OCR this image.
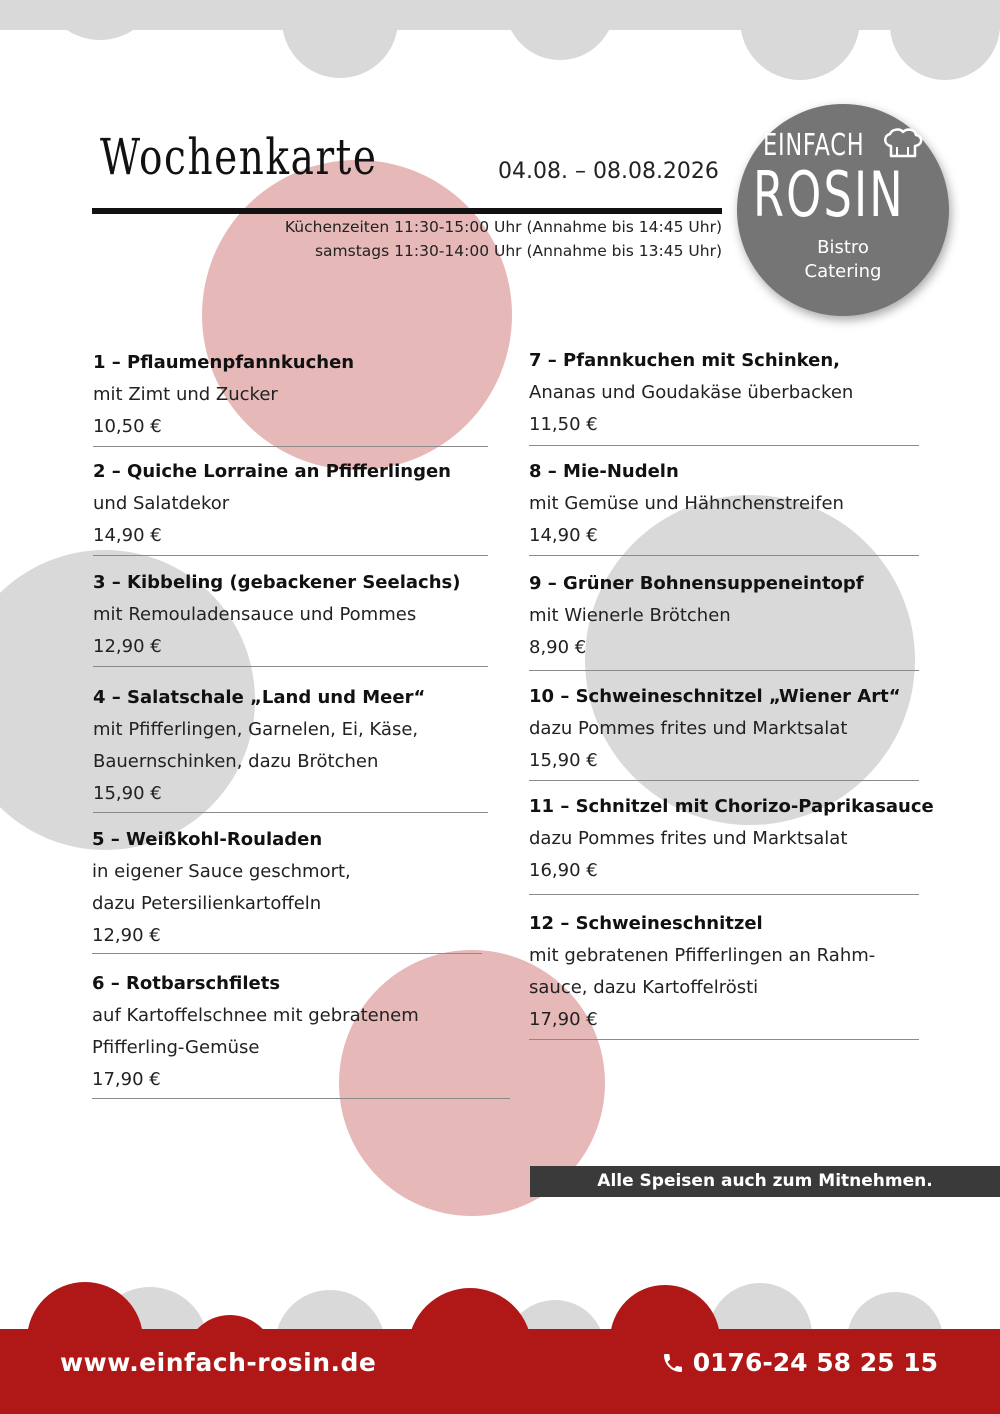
Wochenkarte	04.08. – 08.08.2026
Küchenzeiten 11:30-15:00 Uhr (Annahme bis 14:45 Uhr)
samstags 11:30-14:00 Uhr (Annahme bis 13:45 Uhr)
EINFACH
ROSIN
Bistro
Catering
1 – Pflaumenpfannkuchen
mit Zimt und Zucker
10,50 €
2 – Quiche Lorraine an Pfifferlingen
und Salatdekor
14,90 €
3 – Kibbeling (gebackener Seelachs)
mit Remouladensauce und Pommes
12,90 €
4 – Salatschale „Land und Meer“
mit Pfifferlingen, Garnelen, Ei, Käse,
Bauernschinken, dazu Brötchen
15,90 €
5 – Weißkohl-Rouladen
in eigener Sauce geschmort,
dazu Petersilienkartoffeln
12,90 €
6 – Rotbarschfilets
auf Kartoffelschnee mit gebratenem
Pfifferling-Gemüse
17,90 €
7 – Pfannkuchen mit Schinken,
Ananas und Goudakäse überbacken
11,50 €
8 – Mie-Nudeln
mit Gemüse und Hähnchenstreifen
14,90 €
9 – Grüner Bohnensuppeneintopf
mit Wienerle Brötchen
8,90 €
10 – Schweineschnitzel „Wiener Art“
dazu Pommes frites und Marktsalat
15,90 €
11 – Schnitzel mit Chorizo-Paprikasauce
dazu Pommes frites und Marktsalat
16,90 €
12 – Schweineschnitzel
mit gebratenen Pfifferlingen an Rahm-
sauce, dazu Kartoffelrösti
17,90 €
Alle Speisen auch zum Mitnehmen.
www.einfach-rosin.de	0176-24 58 25 15
